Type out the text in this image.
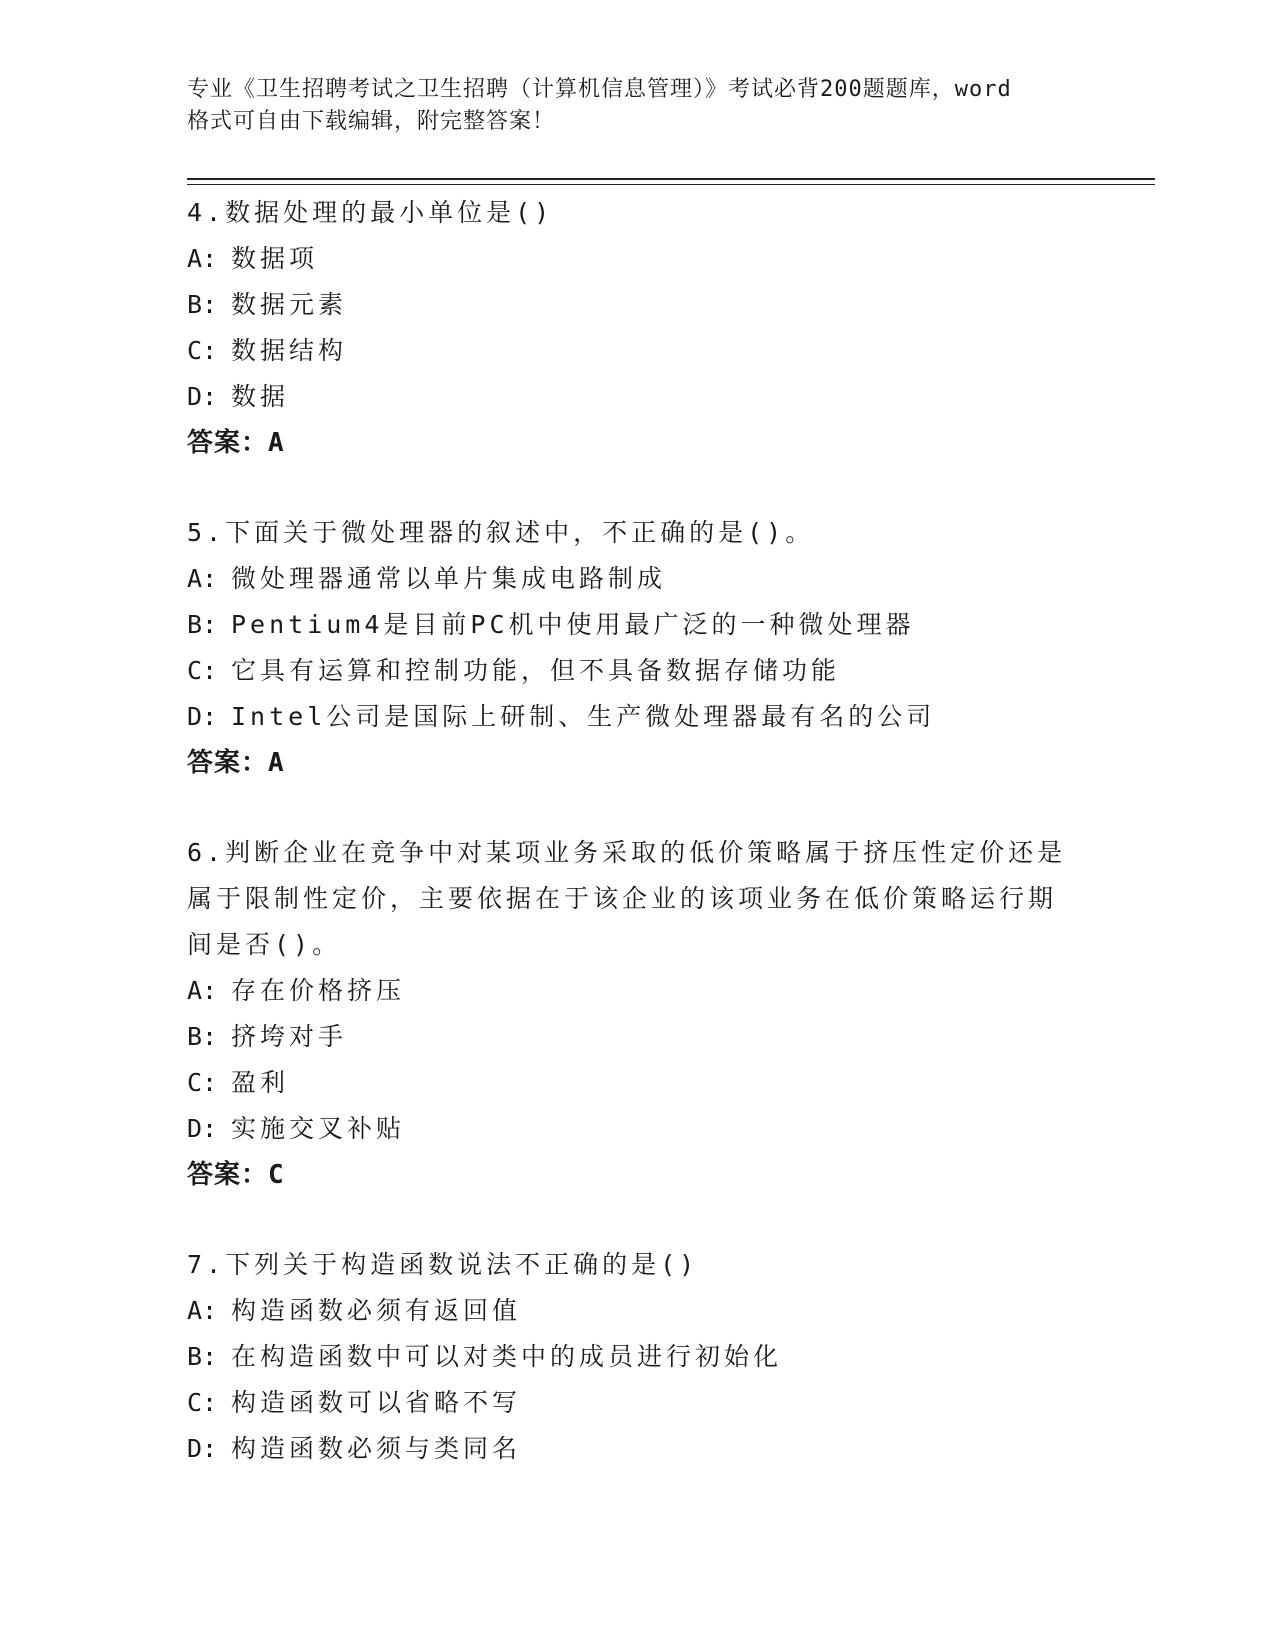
专业《卫生招聘考试之卫生招聘（计算机信息管理）》考试必背200题题库，word
格式可自由下载编辑，附完整答案！
4.数据处理的最小单位是()
A: 数据项
B: 数据元素
C: 数据结构
D: 数据
答案：A
5.下面关于微处理器的叙述中，不正确的是()。
A: 微处理器通常以单片集成电路制成
B: Pentium4是目前PC机中使用最广泛的一种微处理器
C: 它具有运算和控制功能，但不具备数据存储功能
D: Intel公司是国际上研制、生产微处理器最有名的公司
答案：A
6.判断企业在竞争中对某项业务采取的低价策略属于挤压性定价还是
属于限制性定价，主要依据在于该企业的该项业务在低价策略运行期
间是否()。
A: 存在价格挤压
B: 挤垮对手
C: 盈利
D: 实施交叉补贴
答案：C
7.下列关于构造函数说法不正确的是()
A: 构造函数必须有返回值
B: 在构造函数中可以对类中的成员进行初始化
C: 构造函数可以省略不写
D: 构造函数必须与类同名
